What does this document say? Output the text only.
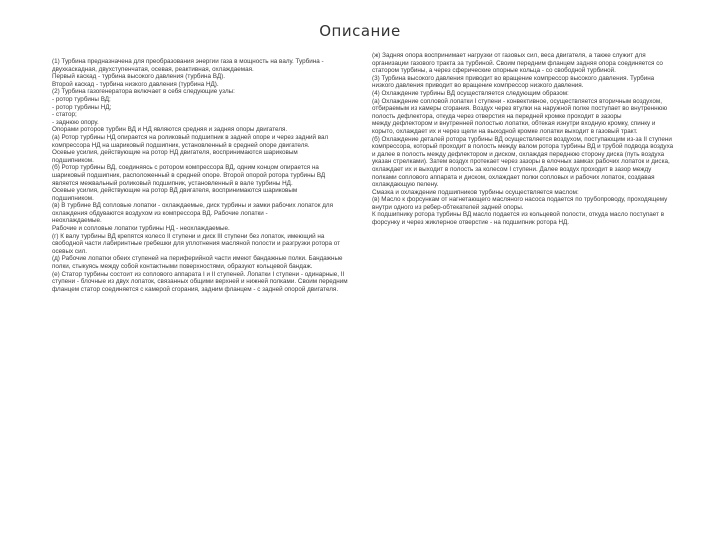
Описание

(1) Турбина предназначена для преобразования энергии газа в мощность на валу. Турбина - двухкаскадная, двухступенчатая, осевая, реактивная, охлаждаемая.

Первый каскад - турбина высокого давления (турбина ВД).

Второй каскад - турбина низкого давления (турбина НД).

(2) Турбина газогенератора включает в себя следующие узлы:

- ротор турбины ВД;

- ротор турбины НД;

- статор;

- заднюю опору.

Опорами роторов турбин ВД и НД являются средняя и задняя опоры двигателя.

(а) Ротор турбины НД опирается на роликовый подшипник в задней опоре и через задний вал компрессора НД на шариковый подшипник, установленный в средней опоре двигателя.

Осевые усилия, действующие на ротор НД двигателя, воспринимаются шариковым

подшипником.

(б) Ротор турбины ВД, соединяясь с ротором компрессора ВД, одним концом опирается на шариковый подшипник, расположенный в средней опоре. Второй опорой ротора турбины ВД является межвальный роликовый подшипник, установленный в вале турбины НД.

Осевые усилия, действующие на ротор ВД двигателя, воспринимаются шариковым

подшипником.

(в) В турбине ВД сопловые лопатки - охлаждаемые, диск турбины и замки рабочих лопаток для охлаждения обдуваются воздухом из компрессора ВД. Рабочие лопатки -

неохлаждаемые.

Рабочие и сопловые лопатки турбины НД - неохлаждаемые.

(г) К валу турбины ВД крепятся колесо II ступени и диск III ступени без лопаток, имеющий на свободной части лабиринтные гребешки для уплотнения масляной полости и разгрузки ротора от осевых сил.

(д) Рабочие лопатки обеих ступеней на периферийной части имеют бандажные полки. Бандажные полки, стыкуясь между собой контактными поверхностями, образуют кольцевой бандаж.

(е) Статор турбины состоит из соплового аппарата I и II ступеней. Лопатки I ступени - одинарные, II ступени - блочные из двух лопаток, связанных общими верхней и нижней полками. Своим передним фланцем статор соединяется с камерой сгорания, задним фланцем - с задней опорой двигателя.

(ж) Задняя опора воспринимает нагрузки от газовых сил, веса двигателя, а также служит для организации газового тракта за турбиной. Своим передним фланцем задняя опора соединяется со статором турбины, а через сферические опорные кольца - со свободной турбиной.

(3) Турбина высокого давления приводит во вращение компрессор высокого давления. Турбина низкого давления приводит во вращение компрессор низкого давления.

(4) Охлаждение турбины ВД осуществляется следующим образом:

(а) Охлаждение сопловой лопатки I ступени - конвективное, осуществляется вторичным воздухом, отбираемым из камеры сгорания. Воздух через втулки на наружной полке поступает во внутреннюю полость дефлектора, откуда через отверстия на передней кромке проходит в зазоры

между дефлектором и внутренней полостью лопатки, обтекая изнутри входную кромку, спинку и корыто, охлаждает их и через щели на выходной кромке лопатки выходит в газовый тракт.

(б) Охлаждение деталей ротора турбины ВД осуществляется воздухом, поступающим из-за II ступени компрессора, который проходит в полость между валом ротора турбины ВД и трубой подвода воздуха и далее в полость между дефлектором и диском, охлаждая переднюю сторону диска (путь воздуха указан стрелками). Затем воздух протекает через зазоры в елочных замках рабочих лопаток и диска, охлаждает их и выходит в полость за колесом I ступени. Далее воздух проходит в зазор между полками соплового аппарата и диском, охлаждает полки сопловых и рабочих лопаток, создавая охлаждающую пелену.

Смазка и охлаждение подшипников турбины осуществляется маслом:

(в) Масло к форсункам от нагнетающего масляного насоса подается по трубопроводу, проходящему внутри одного из ребер-обтекателей задней опоры.

К подшипнику ротора турбины ВД масло подается из кольцевой полости, откуда масло поступает в форсунку и через жиклерное отверстие - на подшипник ротора НД.
